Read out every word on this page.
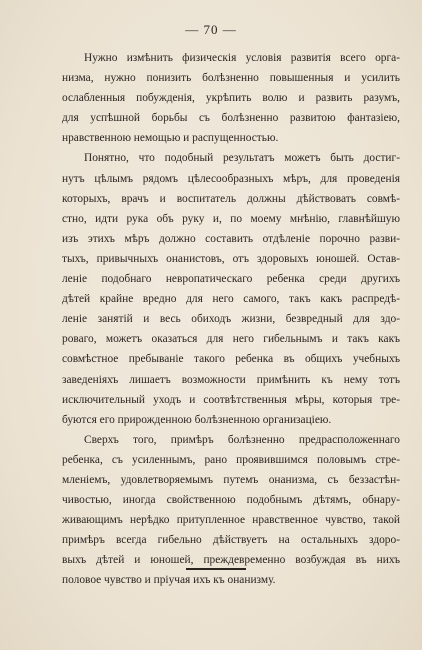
— 70 —
Нужно измѣнить физическія условія развитія всего орга-
низма, нужно понизить болѣзненно повышенныя и усилить
ослабленныя побужденія, укрѣпить волю и развить разумъ,
для успѣшной борьбы съ болѣзненно развитою фантазіею,
нравственною немощью и распущенностью.
Понятно, что подобный результатъ можетъ быть достиг-
нутъ цѣлымъ рядомъ цѣлесообразныхъ мѣръ, для проведенія
которыхъ, врачъ и воспитатель должны дѣйствовать совмѣ-
стно, идти рука объ руку и, по моему мнѣнію, главнѣйшую
изъ этихъ мѣръ должно составить отдѣленіе порочно разви-
тыхъ, привычныхъ онанистовъ, отъ здоровыхъ юношей. Остав-
леніе подобнаго невропатическаго ребенка среди другихъ
дѣтей крайне вредно для него самого, такъ какъ распредѣ-
леніе занятій и весь обиходъ жизни, безвредный для здо-
роваго, можетъ оказаться для него гибельнымъ и такъ какъ
совмѣстное пребываніе такого ребенка въ общихъ учебныхъ
заведеніяхъ лишаетъ возможности примѣнить къ нему тотъ
исключительный уходъ и соотвѣтственныя мѣры, которыя тре-
буются его прирожденною болѣзненною организаціею.
Сверхъ того, примѣръ болѣзненно предрасположеннаго
ребенка, съ усиленнымъ, рано проявившимся половымъ стре-
мленіемъ, удовлетворяемымъ путемъ онанизма, съ беззастѣн-
чивостью, иногда свойственною подобнымъ дѣтямъ, обнару-
живающимъ нерѣдко притупленное нравственное чувство, такой
примѣръ всегда гибельно дѣйствуетъ на остальныхъ здоро-
выхъ дѣтей и юношей, преждевременно возбуждая въ нихъ
половое чувство и пріучая ихъ къ онанизму.
